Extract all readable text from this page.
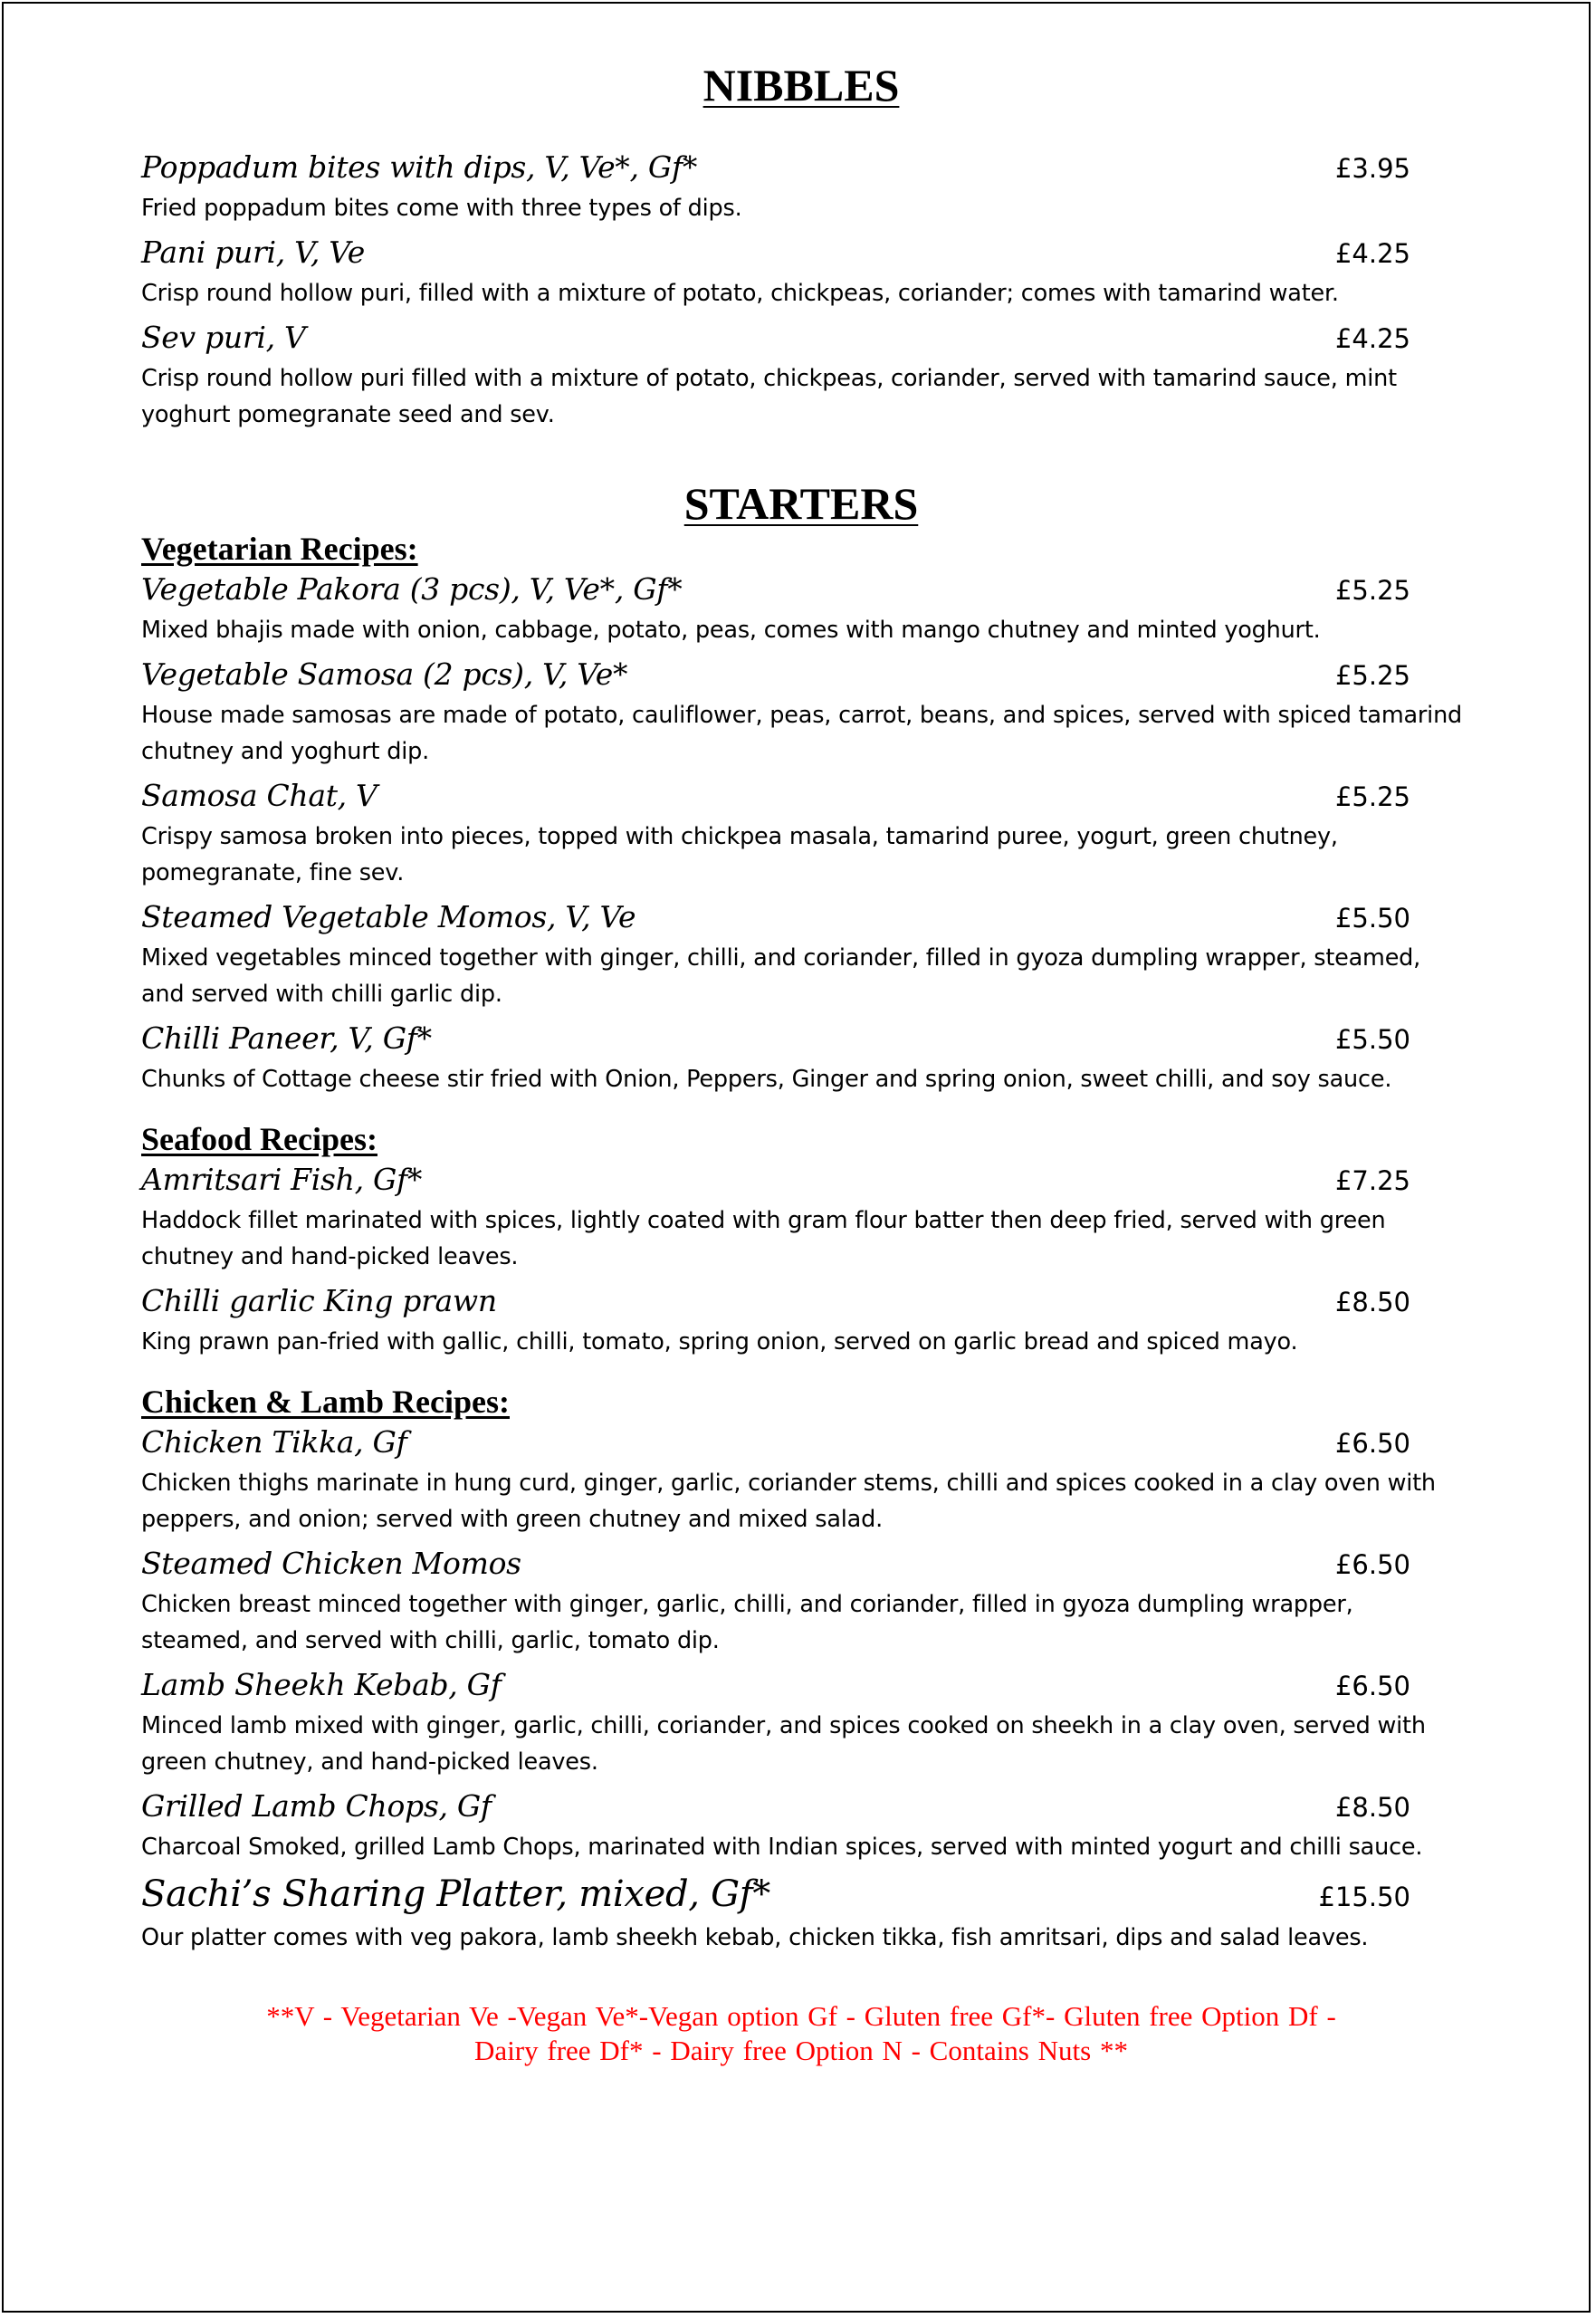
NIBBLES
Poppadum bites with dips, V, Ve*, Gf*	£3.95

Fried poppadum bites come with three types of dips.

Pani puri, V, Ve	£4.25

Crisp round hollow puri, filled with a mixture of potato, chickpeas, coriander; comes with tamarind water.

Sev puri, V	£4.25

Crisp round hollow puri filled with a mixture of potato, chickpeas, coriander, served with tamarind sauce, mint yoghurt pomegranate seed and sev.

STARTERS
Vegetarian Recipes:
Vegetable Pakora (3 pcs), V, Ve*, Gf*	£5.25

Mixed bhajis made with onion, cabbage, potato, peas, comes with mango chutney and minted yoghurt.

Vegetable Samosa (2 pcs), V, Ve*	£5.25

House made samosas are made of potato, cauliflower, peas, carrot, beans, and spices, served with spiced tamarind chutney and yoghurt dip.

Samosa Chat, V	£5.25

Crispy samosa broken into pieces, topped with chickpea masala, tamarind puree, yogurt, green chutney, pomegranate, fine sev.

Steamed Vegetable Momos, V, Ve	£5.50

Mixed vegetables minced together with ginger, chilli, and coriander, filled in gyoza dumpling wrapper, steamed, and served with chilli garlic dip.

Chilli Paneer, V, Gf*	£5.50

Chunks of Cottage cheese stir fried with Onion, Peppers, Ginger and spring onion, sweet chilli, and soy sauce.

Seafood Recipes:
Amritsari Fish, Gf*	£7.25

Haddock fillet marinated with spices, lightly coated with gram flour batter then deep fried, served with green chutney and hand-picked leaves.

Chilli garlic King prawn	£8.50

King prawn pan-fried with gallic, chilli, tomato, spring onion, served on garlic bread and spiced mayo.

Chicken & Lamb Recipes:
Chicken Tikka, Gf	£6.50

Chicken thighs marinate in hung curd, ginger, garlic, coriander stems, chilli and spices cooked in a clay oven with peppers, and onion; served with green chutney and mixed salad.

Steamed Chicken Momos	£6.50

Chicken breast minced together with ginger, garlic, chilli, and coriander, filled in gyoza dumpling wrapper, steamed, and served with chilli, garlic, tomato dip.

Lamb Sheekh Kebab, Gf	£6.50

Minced lamb mixed with ginger, garlic, chilli, coriander, and spices cooked on sheekh in a clay oven, served with green chutney, and hand-picked leaves.

Grilled Lamb Chops, Gf	£8.50

Charcoal Smoked, grilled Lamb Chops, marinated with Indian spices, served with minted yogurt and chilli sauce.

Sachi’s Sharing Platter, mixed, Gf*	£15.50

Our platter comes with veg pakora, lamb sheekh kebab, chicken tikka, fish amritsari, dips and salad leaves.

**V - Vegetarian Ve -Vegan Ve*-Vegan option Gf - Gluten free Gf*- Gluten free Option Df -
Dairy free Df* - Dairy free Option N - Contains Nuts **
